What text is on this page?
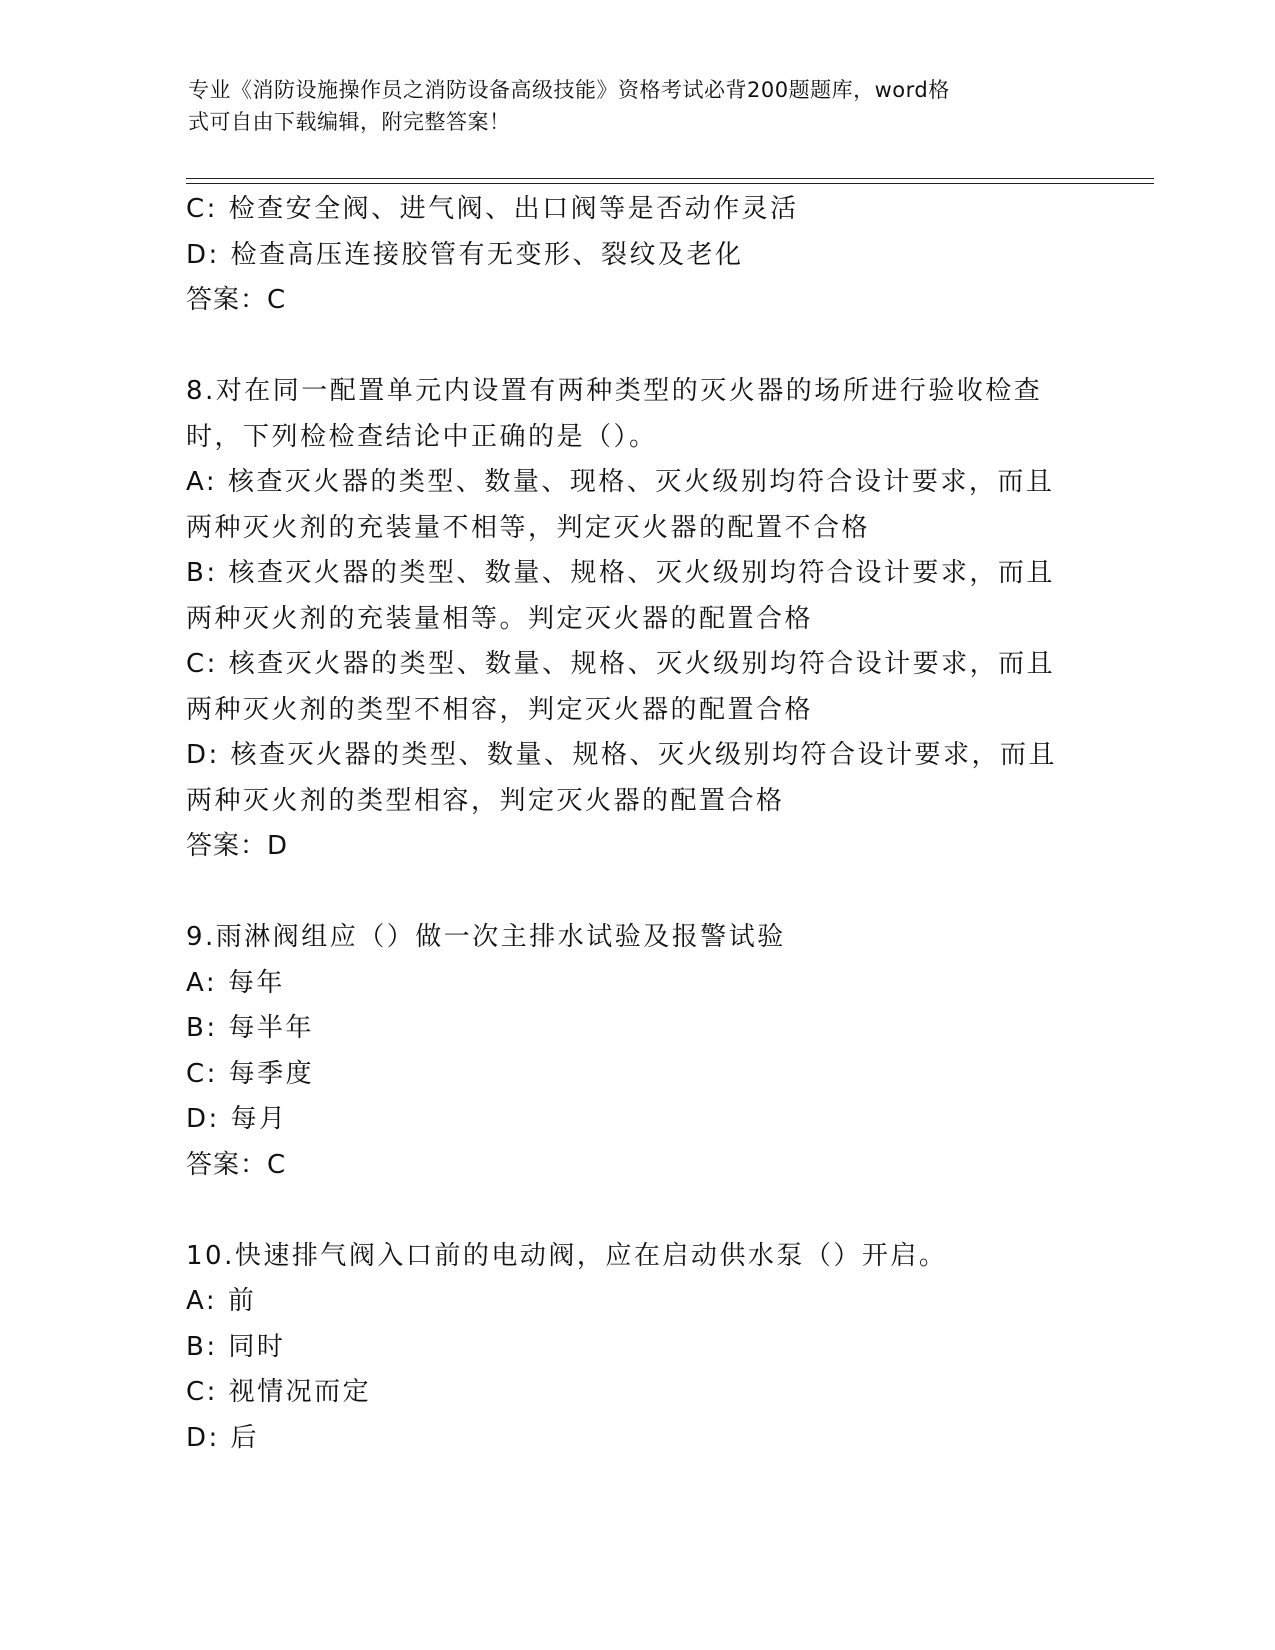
专业《消防设施操作员之消防设备高级技能》资格考试必背200题题库，word格
式可自由下载编辑，附完整答案！
C: 检查安全阀、进气阀、出口阀等是否动作灵活
D: 检查高压连接胶管有无变形、裂纹及老化
答案：C
8.对在同一配置单元内设置有两种类型的灭火器的场所进行验收检查
时，下列检检查结论中正确的是（）。
A: 核查灭火器的类型、数量、现格、灭火级别均符合设计要求，而且
两种灭火剂的充装量不相等，判定灭火器的配置不合格
B: 核查灭火器的类型、数量、规格、灭火级别均符合设计要求，而且
两种灭火剂的充装量相等。判定灭火器的配置合格
C: 核查灭火器的类型、数量、规格、灭火级别均符合设计要求，而且
两种灭火剂的类型不相容，判定灭火器的配置合格
D: 核查灭火器的类型、数量、规格、灭火级别均符合设计要求，而且
两种灭火剂的类型相容，判定灭火器的配置合格
答案：D
9.雨淋阀组应（）做一次主排水试验及报警试验
A: 每年
B: 每半年
C: 每季度
D: 每月
答案：C
10.快速排气阀入口前的电动阀，应在启动供水泵（）开启。
A: 前
B: 同时
C: 视情况而定
D: 后
